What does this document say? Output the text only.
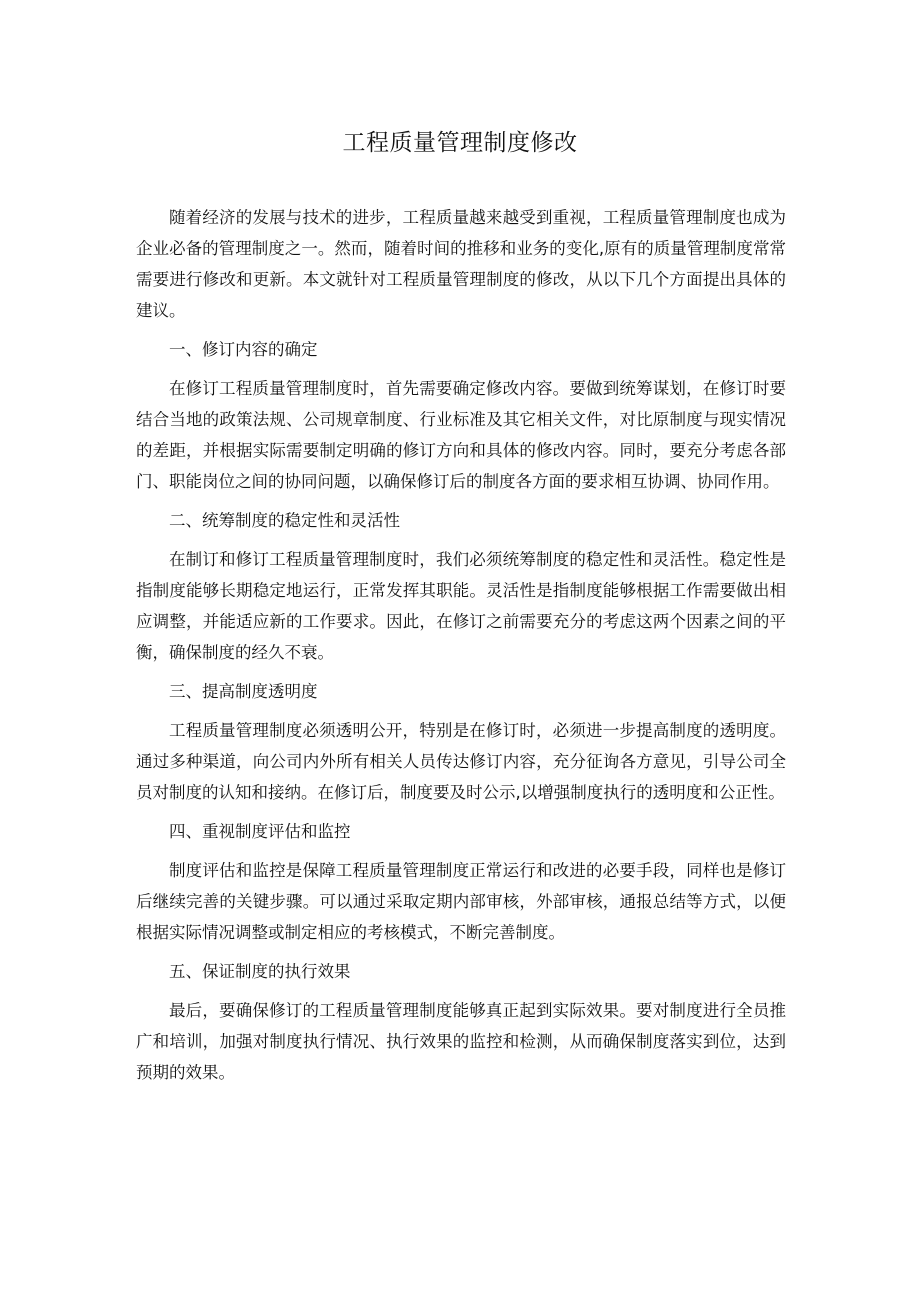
工程质量管理制度修改

随着经济的发展与技术的进步，工程质量越来越受到重视，工程质量管理制度也成为企业必备的管理制度之一。然而，随着时间的推移和业务的变化,原有的质量管理制度常常需要进行修改和更新。本文就针对工程质量管理制度的修改，从以下几个方面提出具体的建议。

一、修订内容的确定

在修订工程质量管理制度时，首先需要确定修改内容。要做到统筹谋划，在修订时要结合当地的政策法规、公司规章制度、行业标准及其它相关文件，对比原制度与现实情况的差距，并根据实际需要制定明确的修订方向和具体的修改内容。同时，要充分考虑各部门、职能岗位之间的协同问题，以确保修订后的制度各方面的要求相互协调、协同作用。

二、统筹制度的稳定性和灵活性

在制订和修订工程质量管理制度时，我们必须统筹制度的稳定性和灵活性。稳定性是指制度能够长期稳定地运行，正常发挥其职能。灵活性是指制度能够根据工作需要做出相应调整，并能适应新的工作要求。因此，在修订之前需要充分的考虑这两个因素之间的平衡，确保制度的经久不衰。

三、提高制度透明度

工程质量管理制度必须透明公开，特别是在修订时，必须进一步提高制度的透明度。通过多种渠道，向公司内外所有相关人员传达修订内容，充分征询各方意见，引导公司全员对制度的认知和接纳。在修订后，制度要及时公示,以增强制度执行的透明度和公正性。

四、重视制度评估和监控

制度评估和监控是保障工程质量管理制度正常运行和改进的必要手段，同样也是修订后继续完善的关键步骤。可以通过采取定期内部审核，外部审核，通报总结等方式，以便根据实际情况调整或制定相应的考核模式，不断完善制度。

五、保证制度的执行效果

最后，要确保修订的工程质量管理制度能够真正起到实际效果。要对制度进行全员推广和培训，加强对制度执行情况、执行效果的监控和检测，从而确保制度落实到位，达到预期的效果。
